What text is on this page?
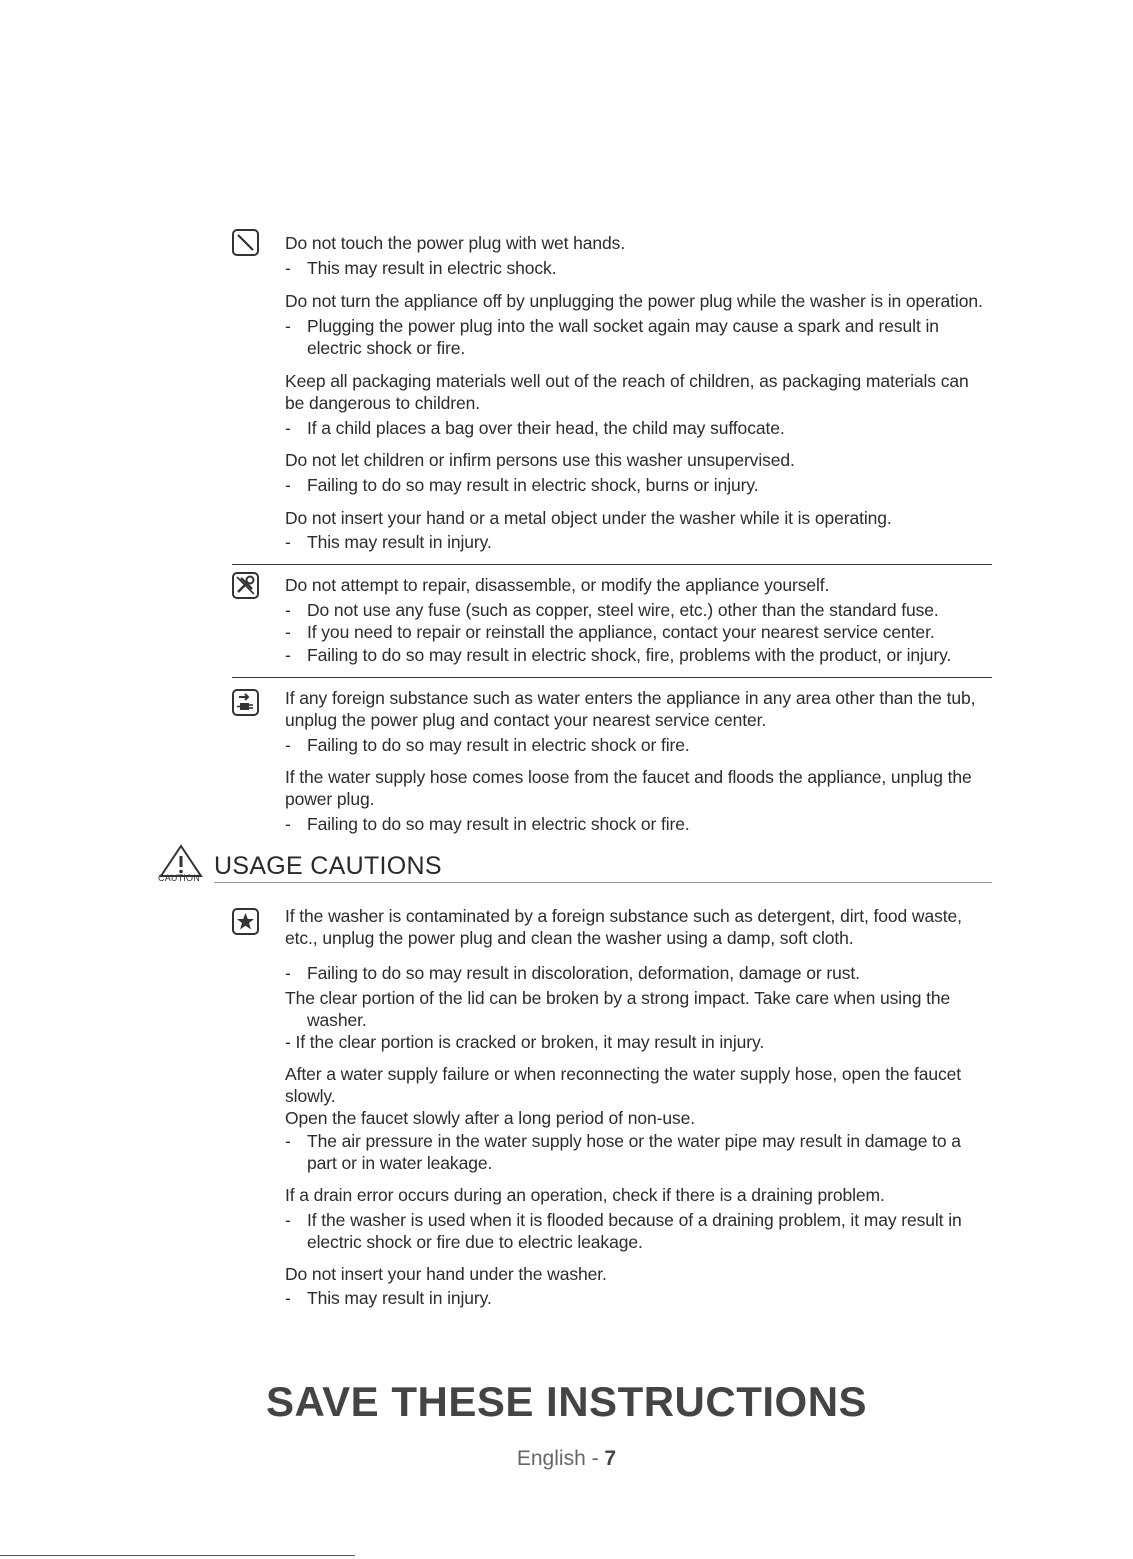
Do not touch the power plug with wet hands.

- This may result in electric shock.

Do not turn the appliance off by unplugging the power plug while the washer is in operation.

- Plugging the power plug into the wall socket again may cause a spark and result in

electric shock or fire.

Keep all packaging materials well out of the reach of children, as packaging materials can

be dangerous to children.

- If a child places a bag over their head, the child may suffocate.

Do not let children or infirm persons use this washer unsupervised.

- Failing to do so may result in electric shock, burns or injury.

Do not insert your hand or a metal object under the washer while it is operating.

- This may result in injury.

Do not attempt to repair, disassemble, or modify the appliance yourself.

- Do not use any fuse (such as copper, steel wire, etc.) other than the standard fuse.

- If you need to repair or reinstall the appliance, contact your nearest service center.

- Failing to do so may result in electric shock, fire, problems with the product, or injury.

If any foreign substance such as water enters the appliance in any area other than the tub,

unplug the power plug and contact your nearest service center.

- Failing to do so may result in electric shock or fire.

If the water supply hose comes loose from the faucet and floods the appliance, unplug the

power plug.

- Failing to do so may result in electric shock or fire.

CAUTION USAGE CAUTIONS

If the washer is contaminated by a foreign substance such as detergent, dirt, food waste,

etc., unplug the power plug and clean the washer using a damp, soft cloth.

- Failing to do so may result in discoloration, deformation, damage or rust.

The clear portion of the lid can be broken by a strong impact. Take care when using the

washer.

- If the clear portion is cracked or broken, it may result in injury.

After a water supply failure or when reconnecting the water supply hose, open the faucet

slowly.

Open the faucet slowly after a long period of non-use.

- The air pressure in the water supply hose or the water pipe may result in damage to a

part or in water leakage.

If a drain error occurs during an operation, check if there is a draining problem.

- If the washer is used when it is flooded because of a draining problem, it may result in

electric shock or fire due to electric leakage.

Do not insert your hand under the washer.

- This may result in injury.

SAVE THESE INSTRUCTIONS

English - 7
